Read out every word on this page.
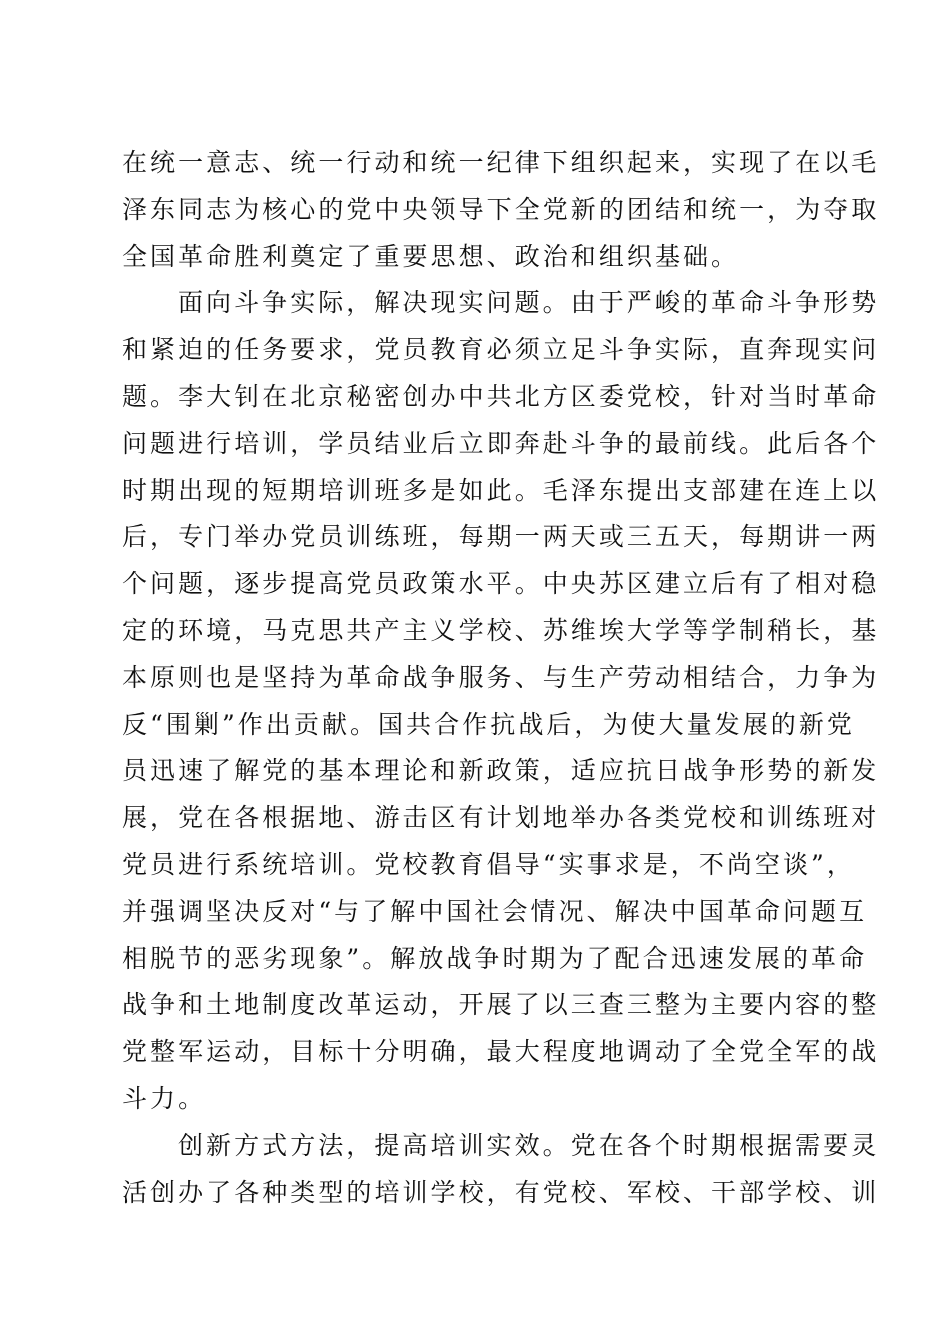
在统一意志、统一行动和统一纪律下组织起来，实现了在以毛
泽东同志为核心的党中央领导下全党新的团结和统一，为夺取
全国革命胜利奠定了重要思想、政治和组织基础。
面向斗争实际，解决现实问题。由于严峻的革命斗争形势
和紧迫的任务要求，党员教育必须立足斗争实际，直奔现实问
题。李大钊在北京秘密创办中共北方区委党校，针对当时革命
问题进行培训，学员结业后立即奔赴斗争的最前线。此后各个
时期出现的短期培训班多是如此。毛泽东提出支部建在连上以
后，专门举办党员训练班，每期一两天或三五天，每期讲一两
个问题，逐步提高党员政策水平。中央苏区建立后有了相对稳
定的环境，马克思共产主义学校、苏维埃大学等学制稍长，基
本原则也是坚持为革命战争服务、与生产劳动相结合，力争为
反“围剿”作出贡献。国共合作抗战后，为使大量发展的新党
员迅速了解党的基本理论和新政策，适应抗日战争形势的新发
展，党在各根据地、游击区有计划地举办各类党校和训练班对
党员进行系统培训。党校教育倡导“实事求是，不尚空谈”，
并强调坚决反对“与了解中国社会情况、解决中国革命问题互
相脱节的恶劣现象”。解放战争时期为了配合迅速发展的革命
战争和土地制度改革运动，开展了以三查三整为主要内容的整
党整军运动，目标十分明确，最大程度地调动了全党全军的战
斗力。
创新方式方法，提高培训实效。党在各个时期根据需要灵
活创办了各种类型的培训学校，有党校、军校、干部学校、训
